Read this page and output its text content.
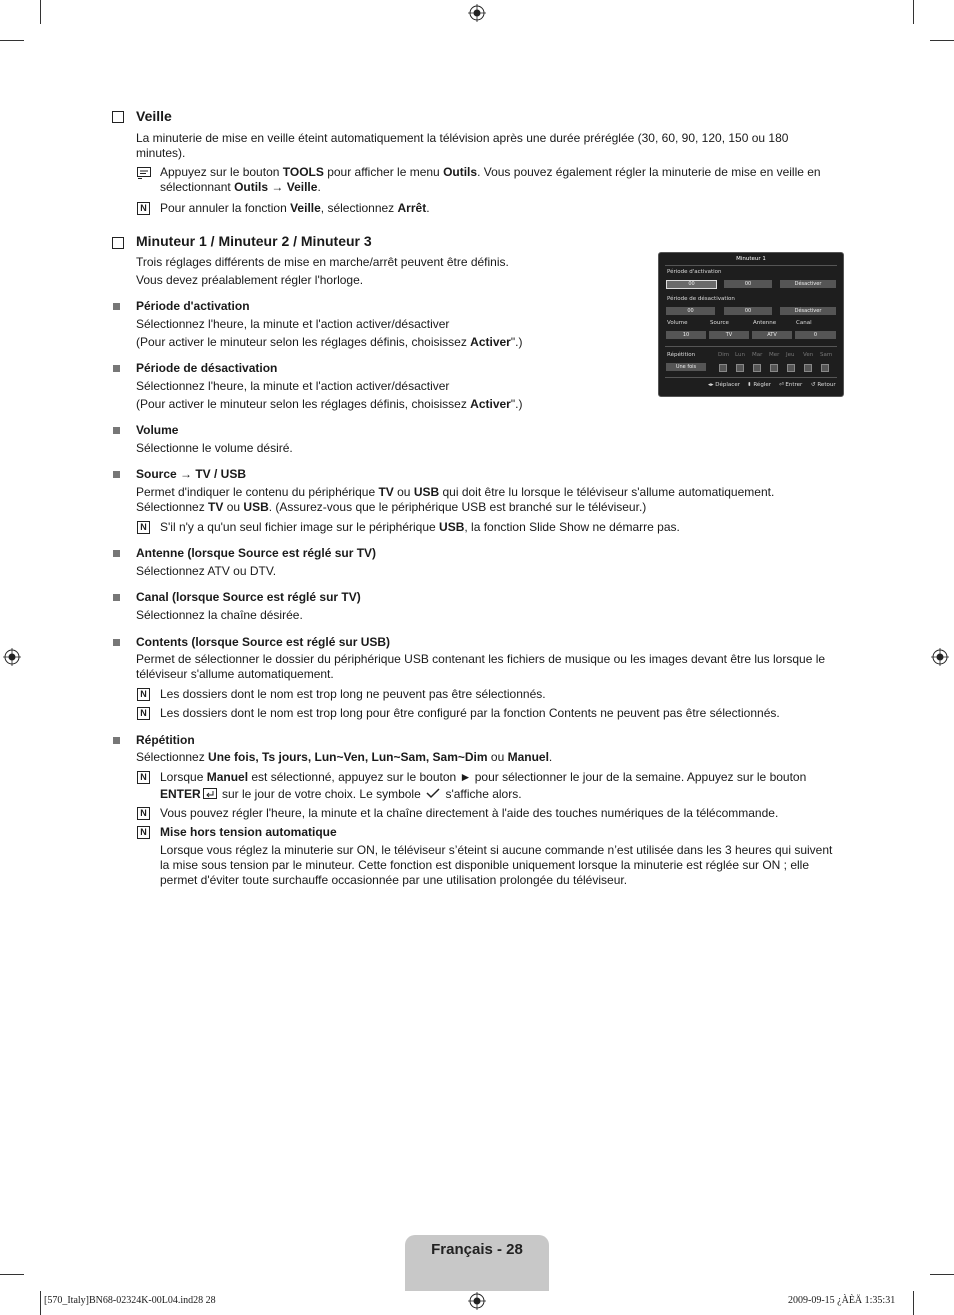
Veille
La minuterie de mise en veille éteint automatiquement la télévision après une durée préréglée (30, 60, 90, 120, 150 ou 180 minutes).
Appuyez sur le bouton TOOLS pour afficher le menu Outils. Vous pouvez également régler la minuterie de mise en veille en sélectionnant Outils → Veille.
N Pour annuler la fonction Veille, sélectionnez Arrêt.
Minuteur 1 / Minuteur 2 / Minuteur 3
Trois réglages différents de mise en marche/arrêt peuvent être définis.
Vous devez préalablement régler l'horloge.
Période d'activation
Sélectionnez l'heure, la minute et l'action activer/désactiver
(Pour activer le minuteur selon les réglages définis, choisissez Activer".)
Période de désactivation
Sélectionnez l'heure, la minute et l'action activer/désactiver
(Pour activer le minuteur selon les réglages définis, choisissez Activer".)
Volume
Sélectionne le volume désiré.
Source → TV / USB
Permet d'indiquer le contenu du périphérique TV ou USB qui doit être lu lorsque le téléviseur s'allume automatiquement.
Sélectionnez TV ou USB. (Assurez-vous que le périphérique USB est branché sur le téléviseur.)
N S'il n'y a qu'un seul fichier image sur le périphérique USB, la fonction Slide Show ne démarre pas.
Antenne (lorsque Source est réglé sur TV)
Sélectionnez ATV ou DTV.
Canal (lorsque Source est réglé sur TV)
Sélectionnez la chaîne désirée.
Contents (lorsque Source est réglé sur USB)
Permet de sélectionner le dossier du périphérique USB contenant les fichiers de musique ou les images devant être lus lorsque le téléviseur s'allume automatiquement.
N Les dossiers dont le nom est trop long ne peuvent pas être sélectionnés.
N Les dossiers dont le nom est trop long pour être configuré par la fonction Contents ne peuvent pas être sélectionnés.
Répétition
Sélectionnez Une fois, Ts jours, Lun~Ven, Lun~Sam, Sam~Dim ou Manuel.
N Lorsque Manuel est sélectionné, appuyez sur le bouton ► pour sélectionner le jour de la semaine. Appuyez sur le bouton
ENTER sur le jour de votre choix. Le symbole  s'affiche alors.
N Vous pouvez régler l'heure, la minute et la chaîne directement à l'aide des touches numériques de la télécommande.
N Mise hors tension automatique
Lorsque vous réglez la minuterie sur ON, le téléviseur s’éteint si aucune commande n’est utilisée dans les 3 heures qui suivent la mise sous tension par le minuteur. Cette fonction est disponible uniquement lorsque la minuterie est réglée sur ON ; elle permet d'éviter toute surchauffe occasionnée par une utilisation prolongée du téléviseur.
Minuteur 1
Période d'activation
00	00	Désactiver
Période de désactivation
00	00	Désactiver
Volume	Source	Antenne	Canal
10	TV	ATV	0
Répétition	Dim Lun Mar Mer Jeu Ven Sam
Une fois
◂▸ Déplacer ⬍ Régler ⏎ Entrer ↺ Retour
Français - 28
[570_Italy]BN68-02324K-00L04.ind28 28	2009-09-15 ¿ÀÈÄ 1:35:31
